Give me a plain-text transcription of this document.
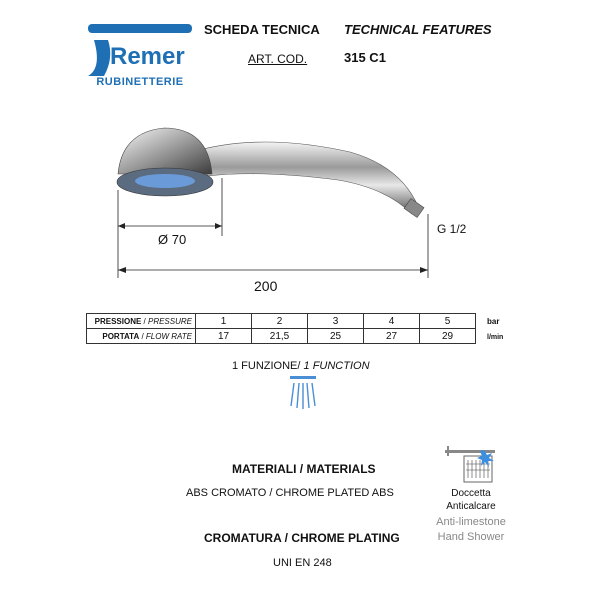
Remer
RUBINETTERIE
SCHEDA TECNICA TECHNICAL FEATURES
ART. COD.	315 C1
Ø 70
200
G 1/2
PRESSIONE / PRESSURE	1	2	3	4	5
PORTATA / FLOW RATE	17	21,5	25	27	29
bar
l/min
1 FUNZIONE/ 1 FUNCTION
MATERIALI / MATERIALS
ABS CROMATO / CHROME PLATED ABS
CROMATURA / CHROME PLATING
UNI EN 248
Doccetta
Anticalcare
Anti-limestone
Hand Shower
